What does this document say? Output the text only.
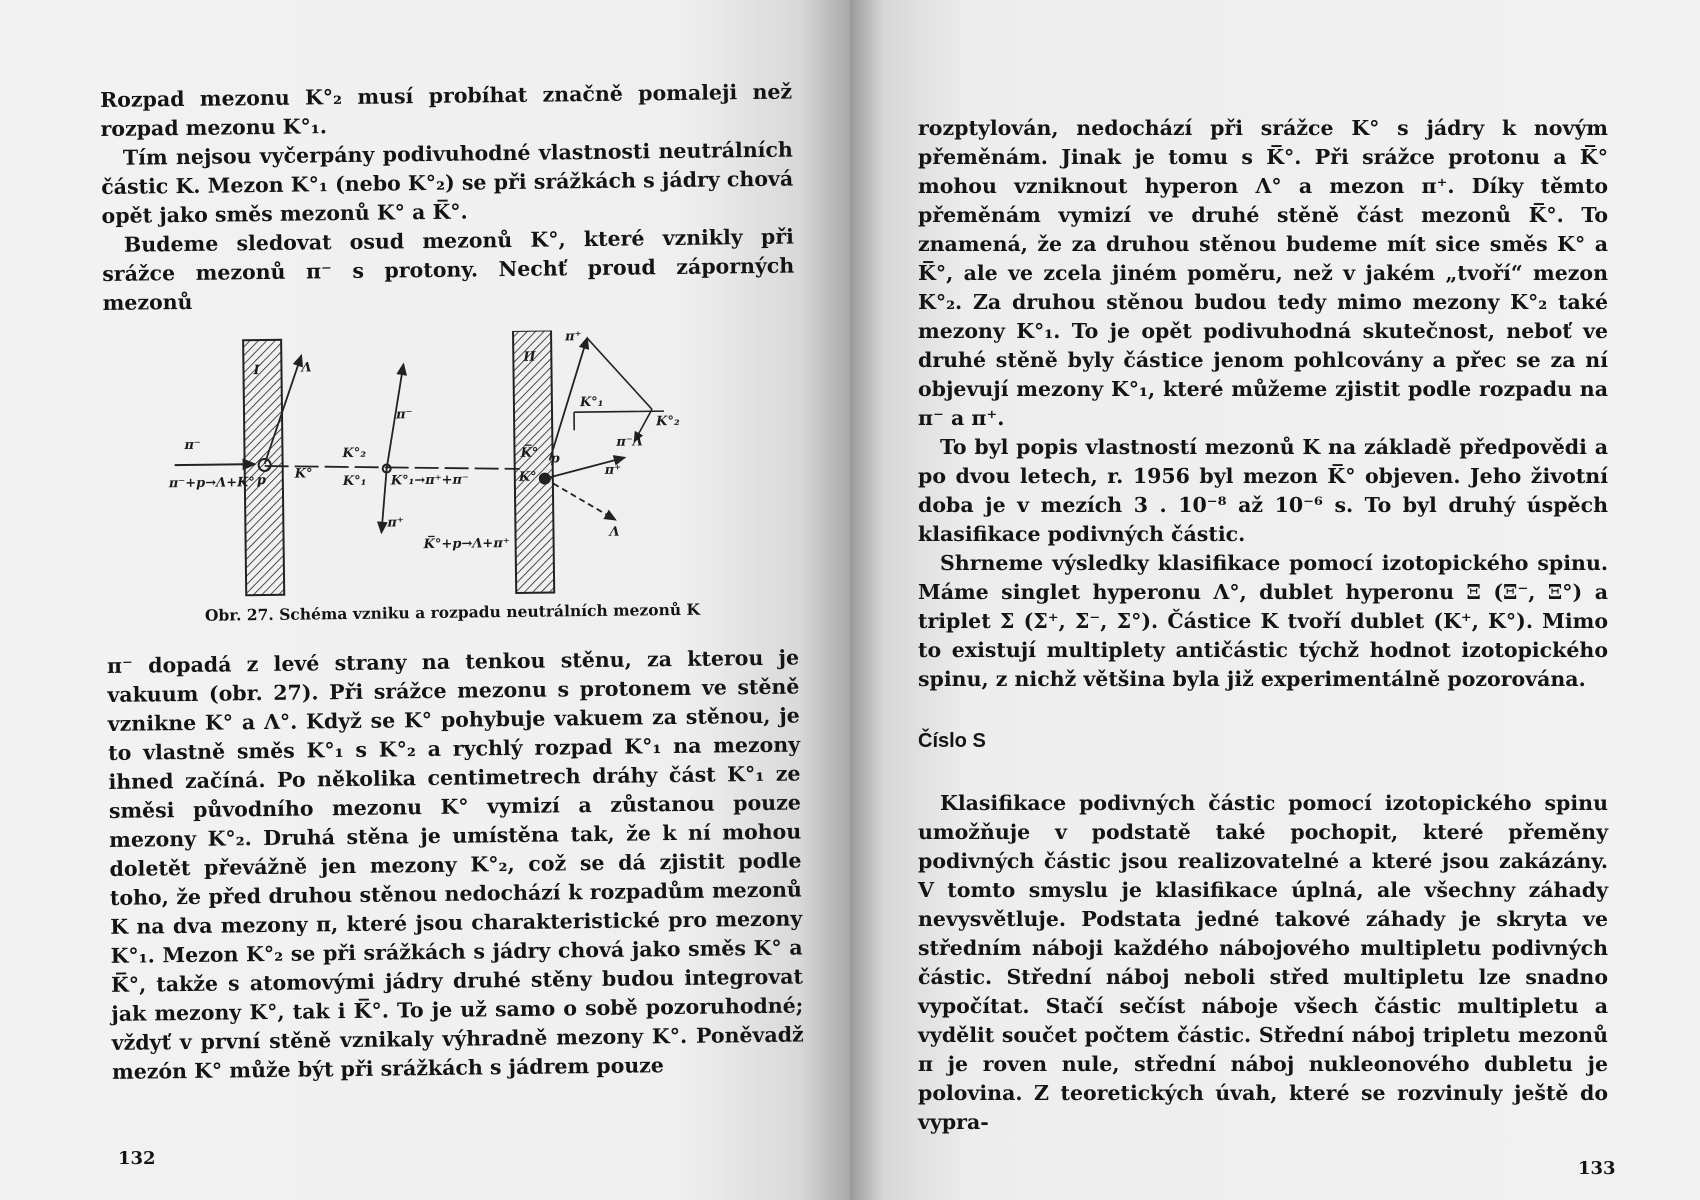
Rozpad mezonu K°₂ musí probíhat značně pomaleji než rozpad mezonu K°₁.

Tím nejsou vyčerpány podivuhodné vlastnosti neutrálních částic K. Mezon K°₁ (nebo K°₂) se při srážkách s jádry chová opět jako směs mezonů K° a K̅°.

Budeme sledovat osud mezonů K°, které vznikly při srážce mezonů π⁻ s protony. Nechť proud záporných mezonů

I
II
Λ
π⁻
π⁻+p→Λ+K° p K°
K°₂
K°₁
π⁻
K°₁→π⁺+π⁻
π⁺
K̅°
K°
p
π⁺
K°₁
K°₂
π⁻Λ
π⁺
Λ
K̅°+p→Λ+π⁺
Obr. 27. Schéma vzniku a rozpadu neutrálních mezonů K

π⁻ dopadá z levé strany na tenkou stěnu, za kterou je vakuum (obr. 27). Při srážce mezonu s protonem ve stěně vznikne K° a Λ°. Když se K° pohybuje vakuem za stěnou, je to vlastně směs K°₁ s K°₂ a rychlý rozpad K°₁ na mezony ihned začíná. Po několika centimetrech dráhy část K°₁ ze směsi původního mezonu K° vymizí a zůstanou pouze mezony K°₂. Druhá stěna je umístěna tak, že k ní mohou doletět převážně jen mezony K°₂, což se dá zjistit podle toho, že před druhou stěnou nedochází k rozpadům mezonů K na dva mezony π, které jsou charakteristické pro mezony K°₁. Mezon K°₂ se při srážkách s jádry chová jako směs K° a K̅°, takže s atomovými jádry druhé stěny budou integrovat jak mezony K°, tak i K̅°. To je už samo o sobě pozoruhodné; vždyť v první stěně vznikaly výhradně mezony K°. Poněvadž mezón K° může být při srážkách s jádrem pouze

132

rozptylován, nedochází při srážce K° s jádry k novým přeměnám. Jinak je tomu s K̅°. Při srážce protonu a K̅° mohou vzniknout hyperon Λ° a mezon π⁺. Díky těmto přeměnám vymizí ve druhé stěně část mezonů K̅°. To znamená, že za druhou stěnou budeme mít sice směs K° a K̅°, ale ve zcela jiném poměru, než v jakém „tvoří“ mezon K°₂. Za druhou stěnou budou tedy mimo mezony K°₂ také mezony K°₁. To je opět podivuhodná skutečnost, neboť ve druhé stěně byly částice jenom pohlcovány a přec se za ní objevují mezony K°₁, které můžeme zjistit podle rozpadu na π⁻ a π⁺.

To byl popis vlastností mezonů K na základě předpovědi a po dvou letech, r. 1956 byl mezon K̅° objeven. Jeho životní doba je v mezích 3 . 10⁻⁸ až 10⁻⁶ s. To byl druhý úspěch klasifikace podivných částic.

Shrneme výsledky klasifikace pomocí izotopického spinu. Máme singlet hyperonu Λ°, dublet hyperonu Ξ (Ξ⁻, Ξ°) a triplet Σ (Σ⁺, Σ⁻, Σ°). Částice K tvoří dublet (K⁺, K°). Mimo to existují multiplety antičástic týchž hodnot izotopického spinu, z nichž většina byla již experimentálně pozorována.

Číslo S

Klasifikace podivných částic pomocí izotopického spinu umožňuje v podstatě také pochopit, které přeměny podivných částic jsou realizovatelné a které jsou zakázány. V tomto smyslu je klasifikace úplná, ale všechny záhady nevysvětluje. Podstata jedné takové záhady je skryta ve středním náboji každého nábojového multipletu podivných částic. Střední náboj neboli střed multipletu lze snadno vypočítat. Stačí sečíst náboje všech částic multipletu a vydělit součet počtem částic. Střední náboj tripletu mezonů π je roven nule, střední náboj nukleonového dubletu je polovina. Z teoretických úvah, které se rozvinuly ještě do vypra-

133
